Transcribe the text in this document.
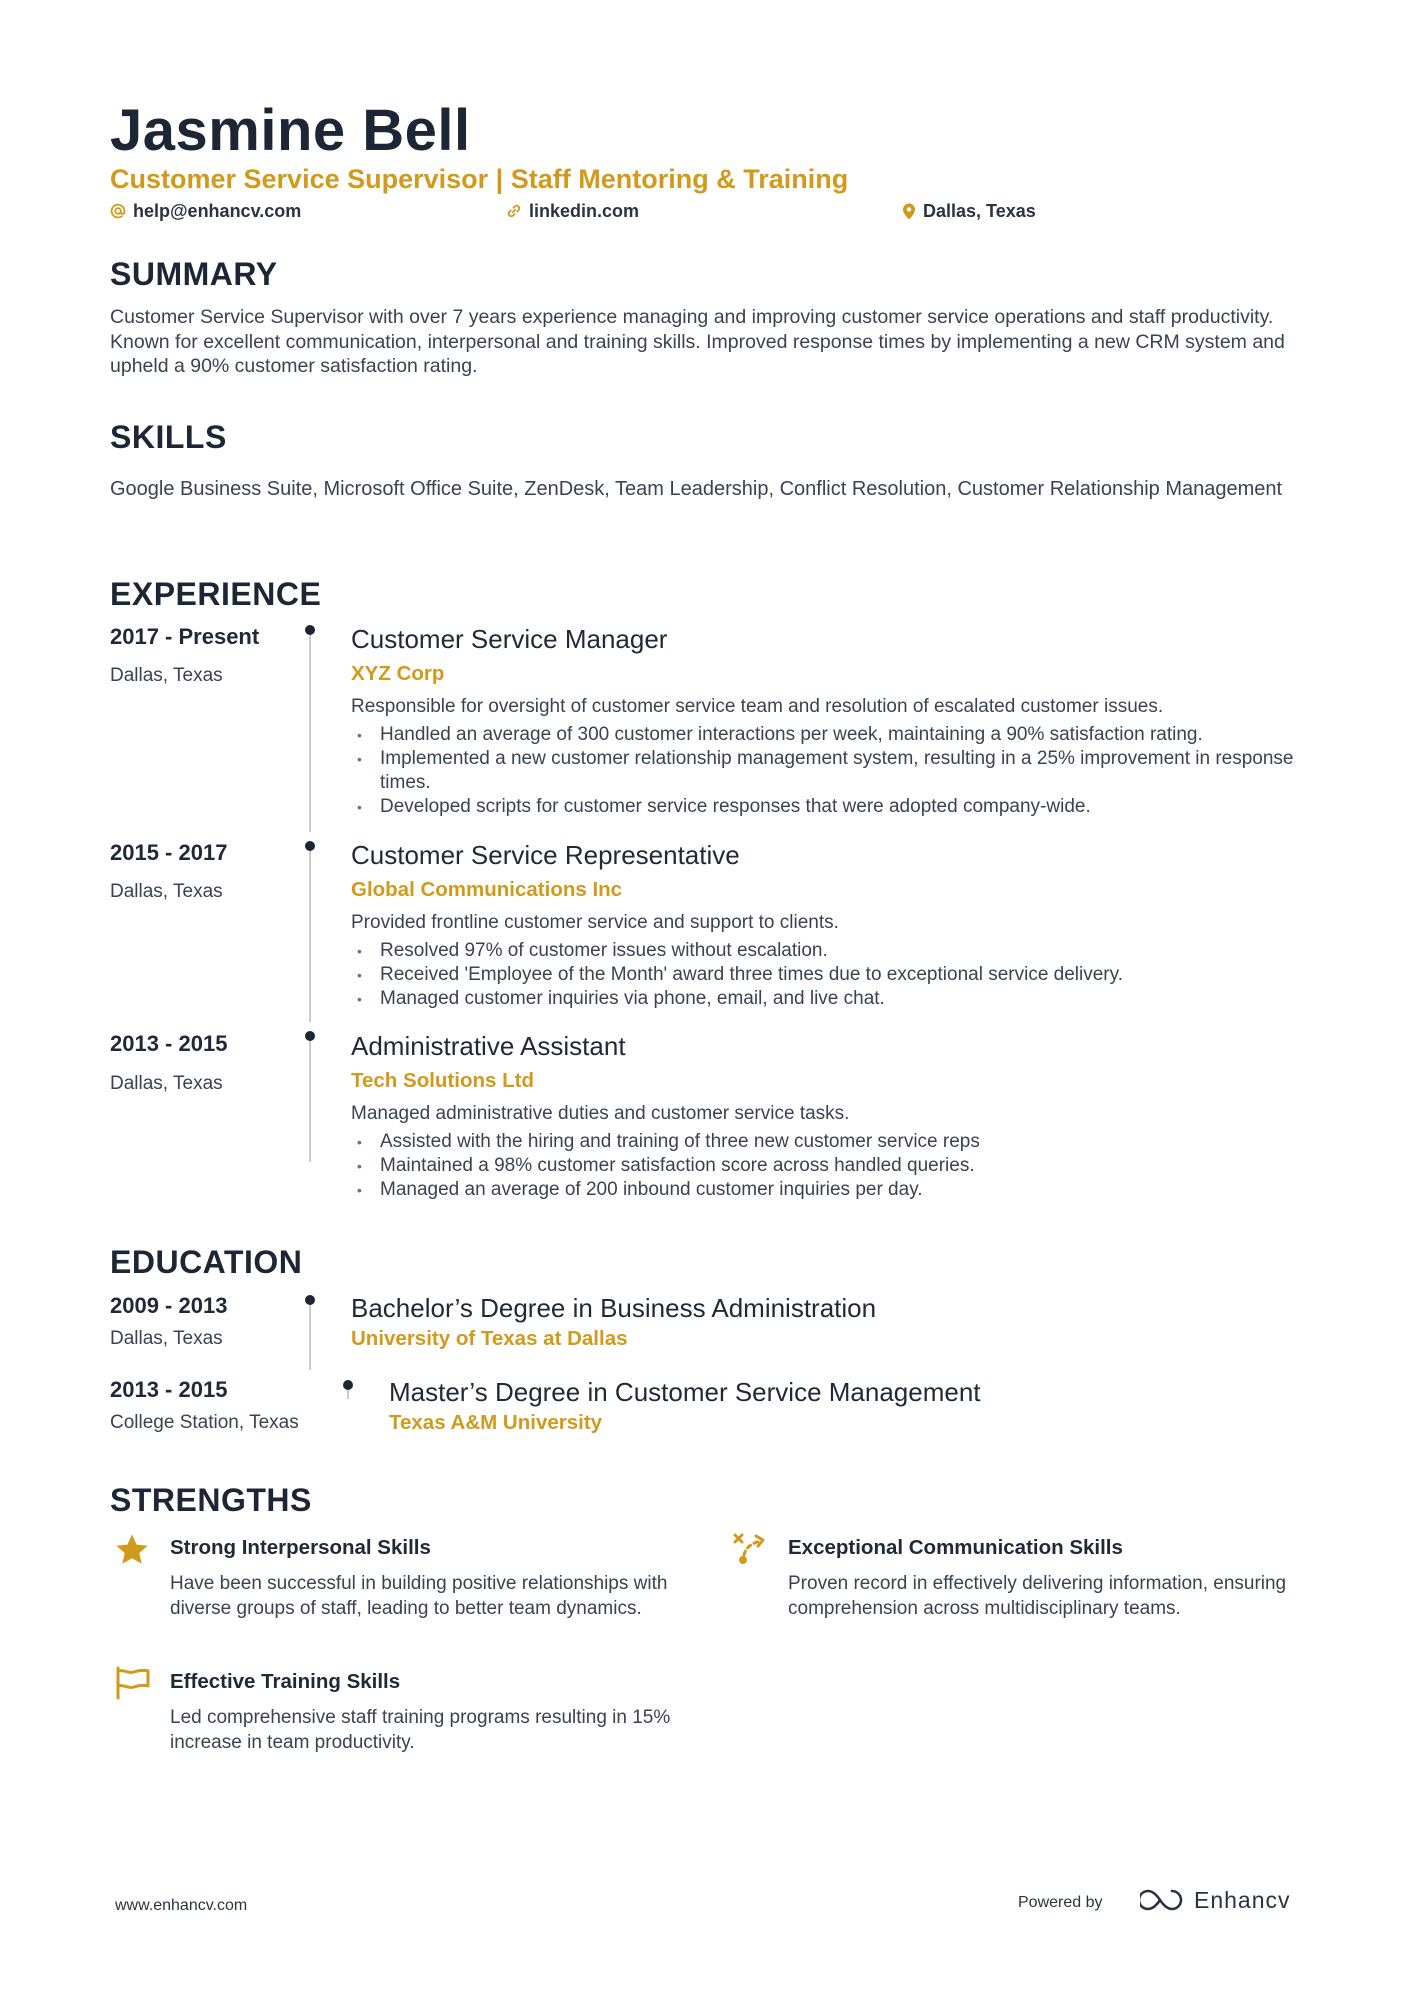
Jasmine Bell
Customer Service Supervisor | Staff Mentoring & Training
help@enhancv.com	linkedin.com	Dallas, Texas
SUMMARY
Customer Service Supervisor with over 7 years experience managing and improving customer service operations and staff productivity. Known for excellent communication, interpersonal and training skills. Improved response times by implementing a new CRM system and upheld a 90% customer satisfaction rating.
SKILLS
Google Business Suite, Microsoft Office Suite, ZenDesk, Team Leadership, Conflict Resolution, Customer Relationship Management
EXPERIENCE
2017 - Present
Dallas, Texas
Customer Service Manager
XYZ Corp
Responsible for oversight of customer service team and resolution of escalated customer issues.
• Handled an average of 300 customer interactions per week, maintaining a 90% satisfaction rating.
• Implemented a new customer relationship management system, resulting in a 25% improvement in response times.
• Developed scripts for customer service responses that were adopted company-wide.
2015 - 2017
Dallas, Texas
Customer Service Representative
Global Communications Inc
Provided frontline customer service and support to clients.
• Resolved 97% of customer issues without escalation.
• Received 'Employee of the Month' award three times due to exceptional service delivery.
• Managed customer inquiries via phone, email, and live chat.
2013 - 2015
Dallas, Texas
Administrative Assistant
Tech Solutions Ltd
Managed administrative duties and customer service tasks.
• Assisted with the hiring and training of three new customer service reps
• Maintained a 98% customer satisfaction score across handled queries.
• Managed an average of 200 inbound customer inquiries per day.
EDUCATION
2009 - 2013
Dallas, Texas
Bachelor’s Degree in Business Administration
University of Texas at Dallas
2013 - 2015
College Station, Texas
Master’s Degree in Customer Service Management
Texas A&M University
STRENGTHS
Strong Interpersonal Skills
Have been successful in building positive relationships with diverse groups of staff, leading to better team dynamics.
Exceptional Communication Skills
Proven record in effectively delivering information, ensuring comprehension across multidisciplinary teams.
Effective Training Skills
Led comprehensive staff training programs resulting in 15% increase in team productivity.
www.enhancv.com	Powered by	Enhancv
